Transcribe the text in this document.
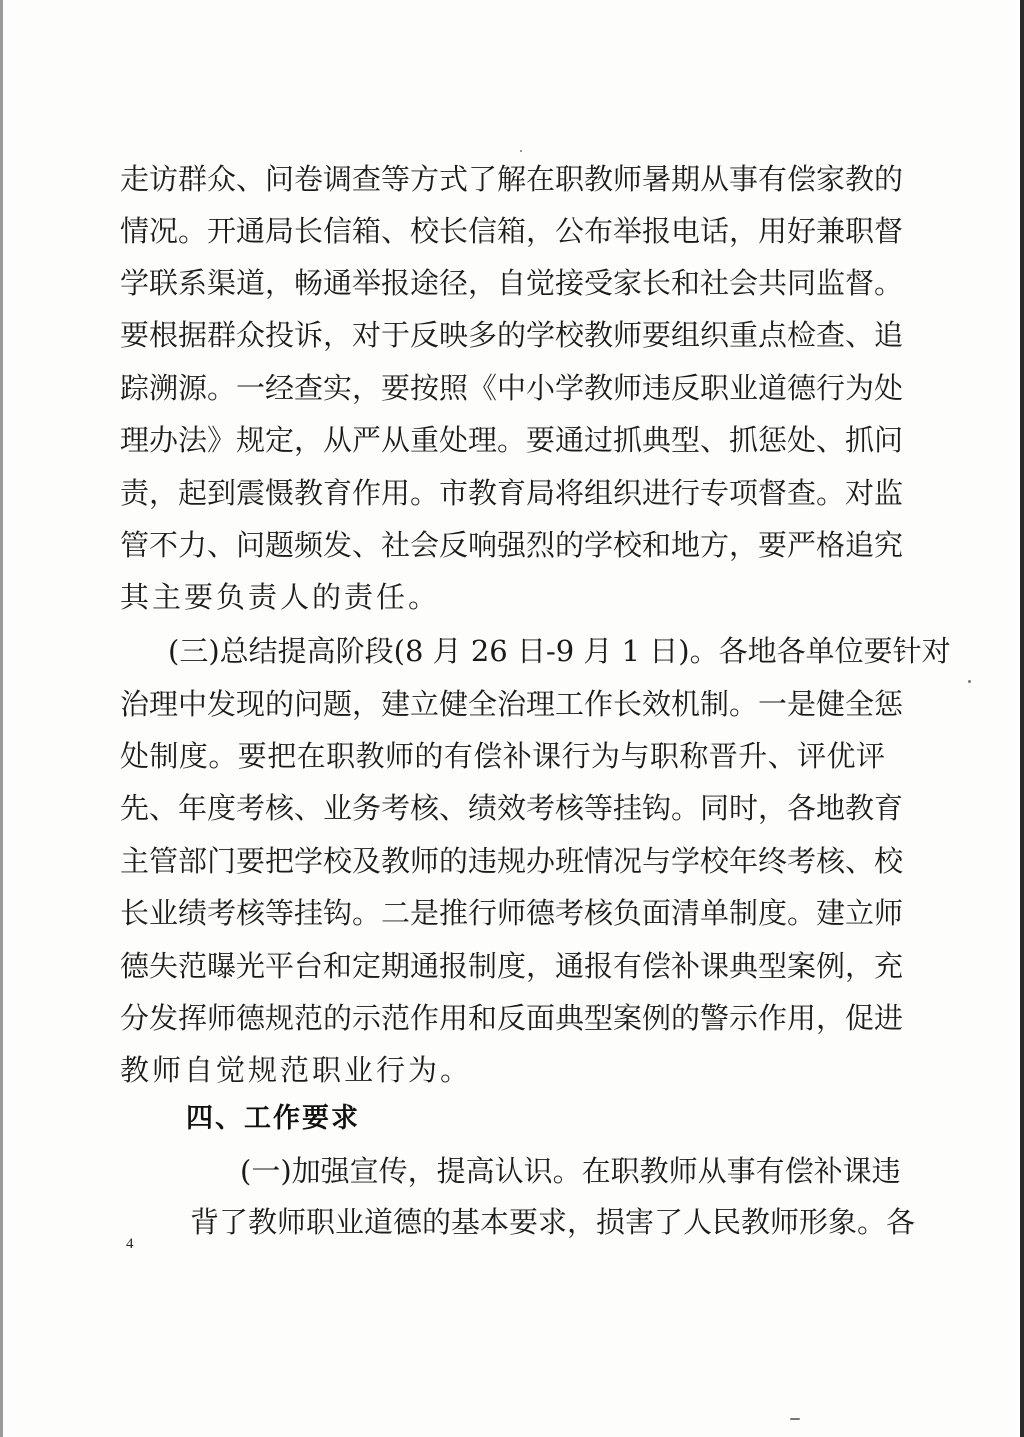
走访群众、问卷调查等方式了解在职教师暑期从事有偿家教的

情况。开通局长信箱、校长信箱，公布举报电话，用好兼职督

学联系渠道，畅通举报途径，自觉接受家长和社会共同监督。

要根据群众投诉，对于反映多的学校教师要组织重点检查、追

踪溯源。一经查实，要按照《中小学教师违反职业道德行为处

理办法》规定，从严从重处理。要通过抓典型、抓惩处、抓问

责，起到震慑教育作用。市教育局将组织进行专项督查。对监

管不力、问题频发、社会反响强烈的学校和地方，要严格追究

其主要负责人的责任。

(三)总结提高阶段(8 月 26 日-9 月 1 日)。各地各单位要针对

治理中发现的问题，建立健全治理工作长效机制。一是健全惩

处制度。要把在职教师的有偿补课行为与职称晋升、评优评

先、年度考核、业务考核、绩效考核等挂钩。同时，各地教育

主管部门要把学校及教师的违规办班情况与学校年终考核、校

长业绩考核等挂钩。二是推行师德考核负面清单制度。建立师

德失范曝光平台和定期通报制度，通报有偿补课典型案例，充

分发挥师德规范的示范作用和反面典型案例的警示作用，促进

教师自觉规范职业行为。

四、工作要求

(一)加强宣传，提高认识。在职教师从事有偿补课违

背了教师职业道德的基本要求，损害了人民教师形象。各

4
